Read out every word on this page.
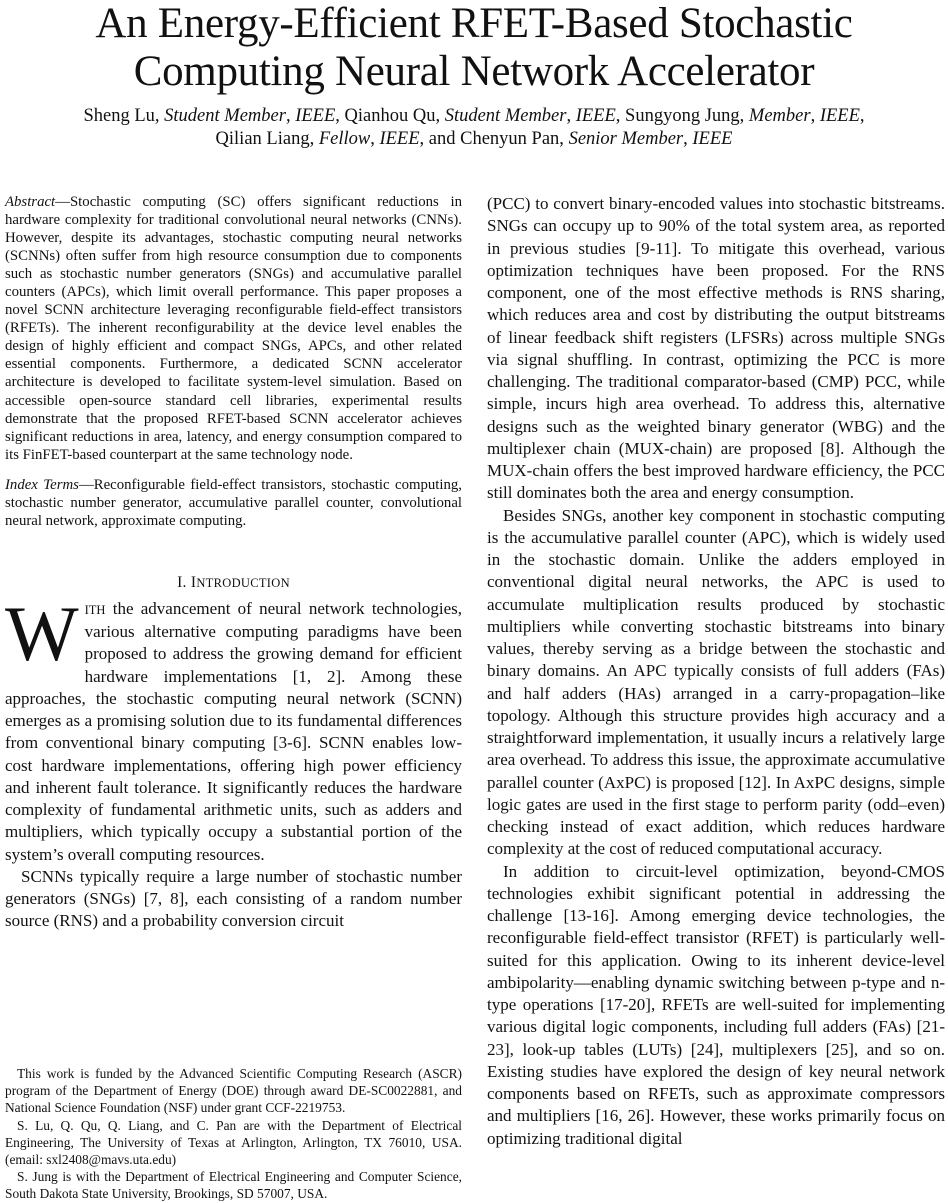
An Energy-Efficient RFET-Based Stochastic
Computing Neural Network Accelerator
Sheng Lu, Student Member, IEEE, Qianhou Qu, Student Member, IEEE, Sungyong Jung, Member, IEEE,
Qilian Liang, Fellow, IEEE, and Chenyun Pan, Senior Member, IEEE

Abstract—Stochastic computing (SC) offers significant reductions in hardware complexity for traditional convolutional neural networks (CNNs). However, despite its advantages, stochastic computing neural networks (SCNNs) often suffer from high resource consumption due to components such as stochastic number generators (SNGs) and accumulative parallel counters (APCs), which limit overall performance. This paper proposes a novel SCNN architecture leveraging reconfigurable field-effect transistors (RFETs). The inherent reconfigurability at the device level enables the design of highly efficient and compact SNGs, APCs, and other related essential components. Furthermore, a dedicated SCNN accelerator architecture is developed to facilitate system-level simulation. Based on accessible open-source standard cell libraries, experimental results demonstrate that the proposed RFET-based SCNN accelerator achieves significant reductions in area, latency, and energy consumption compared to its FinFET-based counterpart at the same technology node.

Index Terms—Reconfigurable field-effect transistors, stochastic computing, stochastic number generator, accumulative parallel counter, convolutional neural network, approximate computing.

I. INTRODUCTION
W ITH the advancement of neural network technologies, various alternative computing paradigms have been proposed to address the growing demand for efficient hardware implementations [1, 2]. Among these approaches, the stochastic computing neural network (SCNN) emerges as a promising solution due to its fundamental differences from conventional binary computing [3-6]. SCNN enables low-cost hardware implementations, offering high power efficiency and inherent fault tolerance. It significantly reduces the hardware complexity of fundamental arithmetic units, such as adders and multipliers, which typically occupy a substantial portion of the system’s overall computing resources.

SCNNs typically require a large number of stochastic number generators (SNGs) [7, 8], each consisting of a random number source (RNS) and a probability conversion circuit

This work is funded by the Advanced Scientific Computing Research (ASCR) program of the Department of Energy (DOE) through award DE-SC0022881, and National Science Foundation (NSF) under grant CCF-2219753.

S. Lu, Q. Qu, Q. Liang, and C. Pan are with the Department of Electrical Engineering, The University of Texas at Arlington, Arlington, TX 76010, USA. (email: sxl2408@mavs.uta.edu)

S. Jung is with the Department of Electrical Engineering and Computer Science, South Dakota State University, Brookings, SD 57007, USA.

(PCC) to convert binary-encoded values into stochastic bitstreams. SNGs can occupy up to 90% of the total system area, as reported in previous studies [9-11]. To mitigate this overhead, various optimization techniques have been proposed. For the RNS component, one of the most effective methods is RNS sharing, which reduces area and cost by distributing the output bitstreams of linear feedback shift registers (LFSRs) across multiple SNGs via signal shuffling. In contrast, optimizing the PCC is more challenging. The traditional comparator-based (CMP) PCC, while simple, incurs high area overhead. To address this, alternative designs such as the weighted binary generator (WBG) and the multiplexer chain (MUX-chain) are proposed [8]. Although the MUX-chain offers the best improved hardware efficiency, the PCC still dominates both the area and energy consumption.

Besides SNGs, another key component in stochastic computing is the accumulative parallel counter (APC), which is widely used in the stochastic domain. Unlike the adders employed in conventional digital neural networks, the APC is used to accumulate multiplication results produced by stochastic multipliers while converting stochastic bitstreams into binary values, thereby serving as a bridge between the stochastic and binary domains. An APC typically consists of full adders (FAs) and half adders (HAs) arranged in a carry-propagation–like topology. Although this structure provides high accuracy and a straightforward implementation, it usually incurs a relatively large area overhead. To address this issue, the approximate accumulative parallel counter (AxPC) is proposed [12]. In AxPC designs, simple logic gates are used in the first stage to perform parity (odd–even) checking instead of exact addition, which reduces hardware complexity at the cost of reduced computational accuracy.

In addition to circuit-level optimization, beyond-CMOS technologies exhibit significant potential in addressing the challenge [13-16]. Among emerging device technologies, the reconfigurable field-effect transistor (RFET) is particularly well-suited for this application. Owing to its inherent device-level ambipolarity—enabling dynamic switching between p-type and n-type operations [17-20], RFETs are well-suited for implementing various digital logic components, including full adders (FAs) [21-23], look-up tables (LUTs) [24], multiplexers [25], and so on. Existing studies have explored the design of key neural network components based on RFETs, such as approximate compressors and multipliers [16, 26]. However, these works primarily focus on optimizing traditional digital
